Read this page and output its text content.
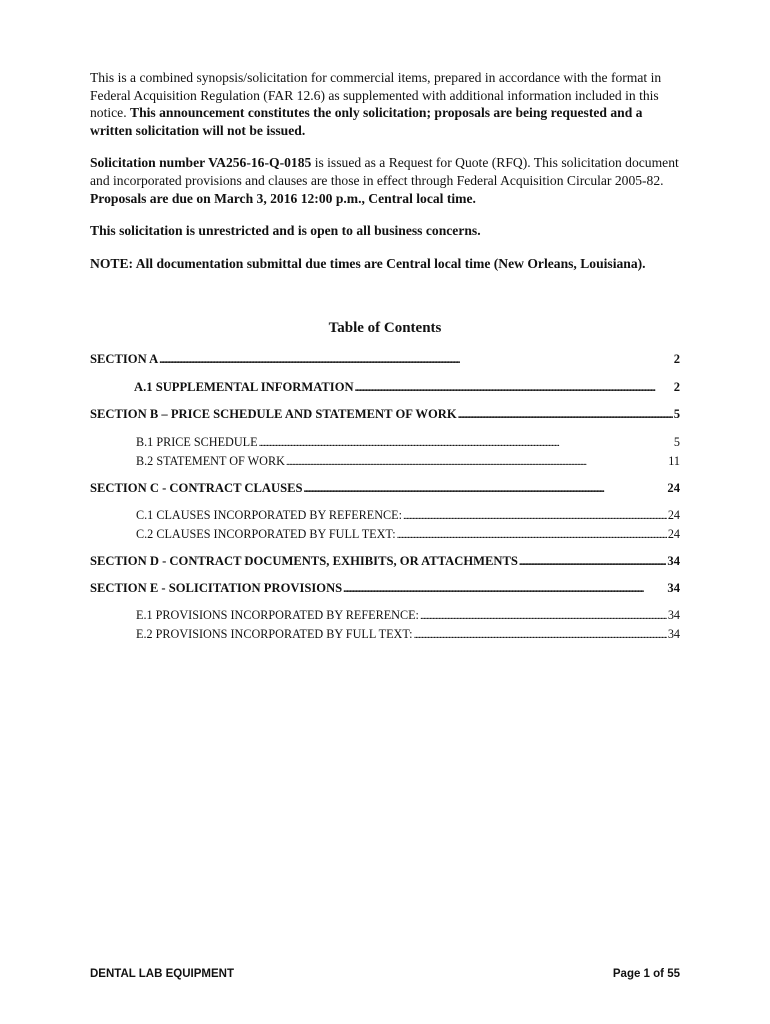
This is a combined synopsis/solicitation for commercial items, prepared in accordance with the format in Federal Acquisition Regulation (FAR 12.6) as supplemented with additional information included in this notice. This announcement constitutes the only solicitation; proposals are being requested and a written solicitation will not be issued.

Solicitation number VA256-16-Q-0185 is issued as a Request for Quote (RFQ). This solicitation document and incorporated provisions and clauses are those in effect through Federal Acquisition Circular 2005-82. Proposals are due on March 3, 2016 12:00 p.m., Central local time.

This solicitation is unrestricted and is open to all business concerns.

NOTE: All documentation submittal due times are Central local time (New Orleans, Louisiana).

Table of Contents
SECTION A . . .	2
A.1 SUPPLEMENTAL INFORMATION . . .	2
SECTION B – PRICE SCHEDULE AND STATEMENT OF WORK . . .	5
B.1 PRICE SCHEDULE . . .	5
B.2 STATEMENT OF WORK . . .	11
SECTION C - CONTRACT CLAUSES . . .	24
C.1 CLAUSES INCORPORATED BY REFERENCE: . . .	24
C.2 CLAUSES INCORPORATED BY FULL TEXT: . . .	24
SECTION D - CONTRACT DOCUMENTS, EXHIBITS, OR ATTACHMENTS . . .	34
SECTION E - SOLICITATION PROVISIONS . . .	34
E.1 PROVISIONS INCORPORATED BY REFERENCE: . . .	34
E.2 PROVISIONS INCORPORATED BY FULL TEXT: . . .	34
DENTAL LAB EQUIPMENT	Page 1 of 55
